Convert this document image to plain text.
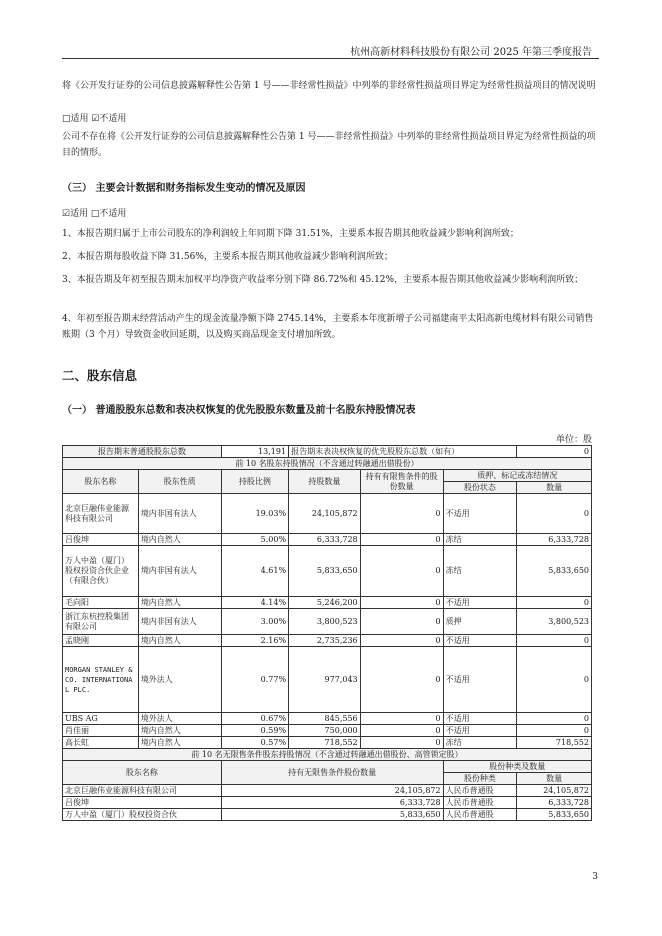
杭州高新材料科技股份有限公司 2025 年第三季度报告
将《公开发行证券的公司信息披露解释性公告第 1 号——非经常性损益》中列举的非经常性损益项目界定为经常性损益项目的情况说明
□适用 ☑不适用
公司不存在将《公开发行证券的公司信息披露解释性公告第 1 号——非经常性损益》中列举的非经常性损益项目界定为经常性损益的项目的情形。
（三） 主要会计数据和财务指标发生变动的情况及原因
☑适用 □不适用
1、本报告期归属于上市公司股东的净利润较上年同期下降 31.51%，主要系本报告期其他收益减少影响利润所致；
2、本报告期每股收益下降 31.56%，主要系本报告期其他收益减少影响利润所致；
3、本报告期及年初至报告期末加权平均净资产收益率分别下降 86.72%和 45.12%，主要系本报告期其他收益减少影响利润所致；
4、年初至报告期末经营活动产生的现金流量净额下降 2745.14%，主要系本年度新增子公司福建南平太阳高新电缆材料有限公司销售账期（3 个月）导致资金收回延期，以及购买商品现金支付增加所致。
二、股东信息
（一） 普通股股东总数和表决权恢复的优先股股东数量及前十名股东持股情况表
单位：股
报告期末普通股股东总数		13,191	报告期末表决权恢复的优先股股东总数（如有）			0
前 10 名股东持股情况（不含通过转融通出借股份）						
股东名称	股东性质	持股比例	持股数量	持有有限售条件的股份数量	质押、标记或冻结情况	
					股份状态	数量
北京巨融伟业能源科技有限公司	境内非国有法人	19.03%	24,105,872	0	不适用	0
吕俊坤	境内自然人	5.00%	6,333,728	0	冻结	6,333,728
万人中盈（厦门）股权投资合伙企业（有限合伙）	境内非国有法人	4.61%	5,833,650	0	冻结	5,833,650
毛向阳	境内自然人	4.14%	5,246,200	0	不适用	0
浙江东杭控股集团有限公司	境内非国有法人	3.00%	3,800,523	0	质押	3,800,523
孟晓刚	境内自然人	2.16%	2,735,236	0	不适用	0
MORGAN STANLEY & CO. INTERNATIONAL PLC.	境外法人	0.77%	977,043	0	不适用	0
UBS AG	境外法人	0.67%	845,556	0	不适用	0
肖佳丽	境内自然人	0.59%	750,000	0	不适用	0
高长虹	境内自然人	0.57%	718,552	0	冻结	718,552
前 10 名无限售条件股东持股情况（不含通过转融通出借股份、高管锁定股）						
股东名称		持有无限售条件股份数量			股份种类及数量	
					股份种类	数量
北京巨融伟业能源科技有限公司		24,105,872			人民币普通股	24,105,872
吕俊坤		6,333,728			人民币普通股	6,333,728
万人中盈（厦门）股权投资合伙		5,833,650			人民币普通股	5,833,650
3
